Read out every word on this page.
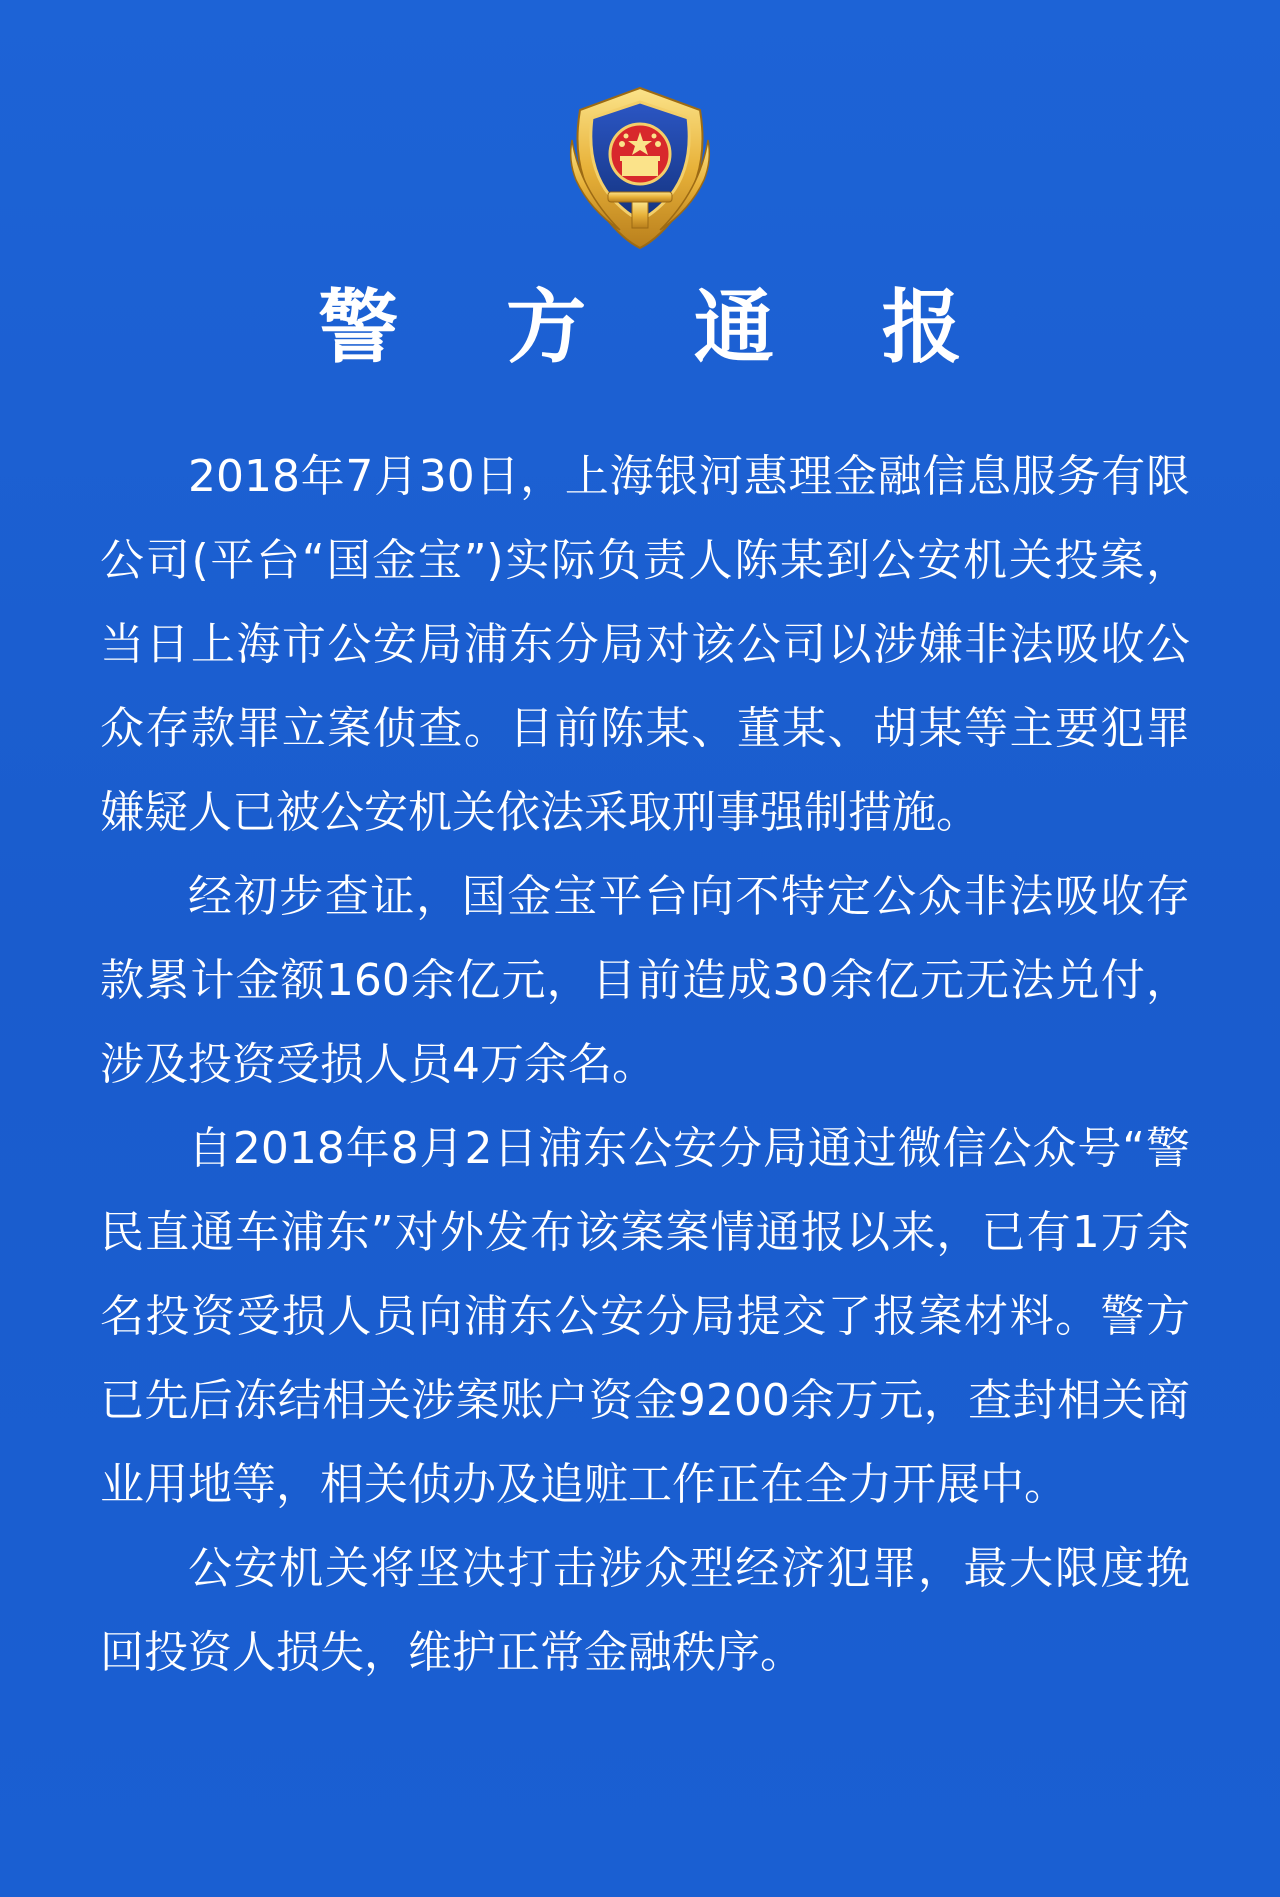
警 方 通 报

2018年7月30日，上海银河惠理金融信息服务有限公司(平台“国金宝”)实际负责人陈某到公安机关投案，当日上海市公安局浦东分局对该公司以涉嫌非法吸收公众存款罪立案侦查。目前陈某、董某、胡某等主要犯罪嫌疑人已被公安机关依法采取刑事强制措施。

经初步查证，国金宝平台向不特定公众非法吸收存款累计金额160余亿元，目前造成30余亿元无法兑付，涉及投资受损人员4万余名。

自2018年8月2日浦东公安分局通过微信公众号“警民直通车浦东”对外发布该案案情通报以来，已有1万余名投资受损人员向浦东公安分局提交了报案材料。警方已先后冻结相关涉案账户资金9200余万元，查封相关商业用地等，相关侦办及追赃工作正在全力开展中。

公安机关将坚决打击涉众型经济犯罪，最大限度挽回投资人损失，维护正常金融秩序。
